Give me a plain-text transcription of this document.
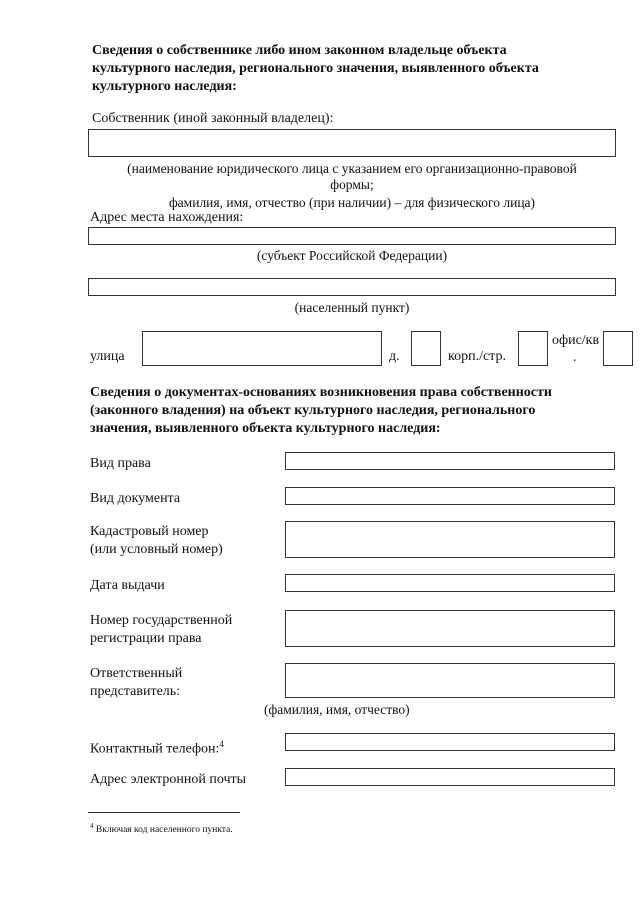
Сведения о собственнике либо ином законном владельце объекта культурного наследия, регионального значения, выявленного объекта культурного наследия:
Собственник (иной законный владелец):
(наименование юридического лица с указанием его организационно-правовой
формы;
фамилия, имя, отчество (при наличии) – для физического лица)
Адрес места нахождения:
(субъект Российской Федерации)
(населенный пункт)
улица	д.	корп./стр.
офис/кв
.
Сведения о документах-основаниях возникновения права собственности (законного владения) на объект культурного наследия, регионального значения, выявленного объекта культурного наследия:
Вид права
Вид документа
Кадастровый номер
(или условный номер)
Дата выдачи
Номер государственной
регистрации права
Ответственный
представитель:
(фамилия, имя, отчество)
Контактный телефон:$^4$
Адрес электронной почты
$^4$ Включая код населенного пункта.
